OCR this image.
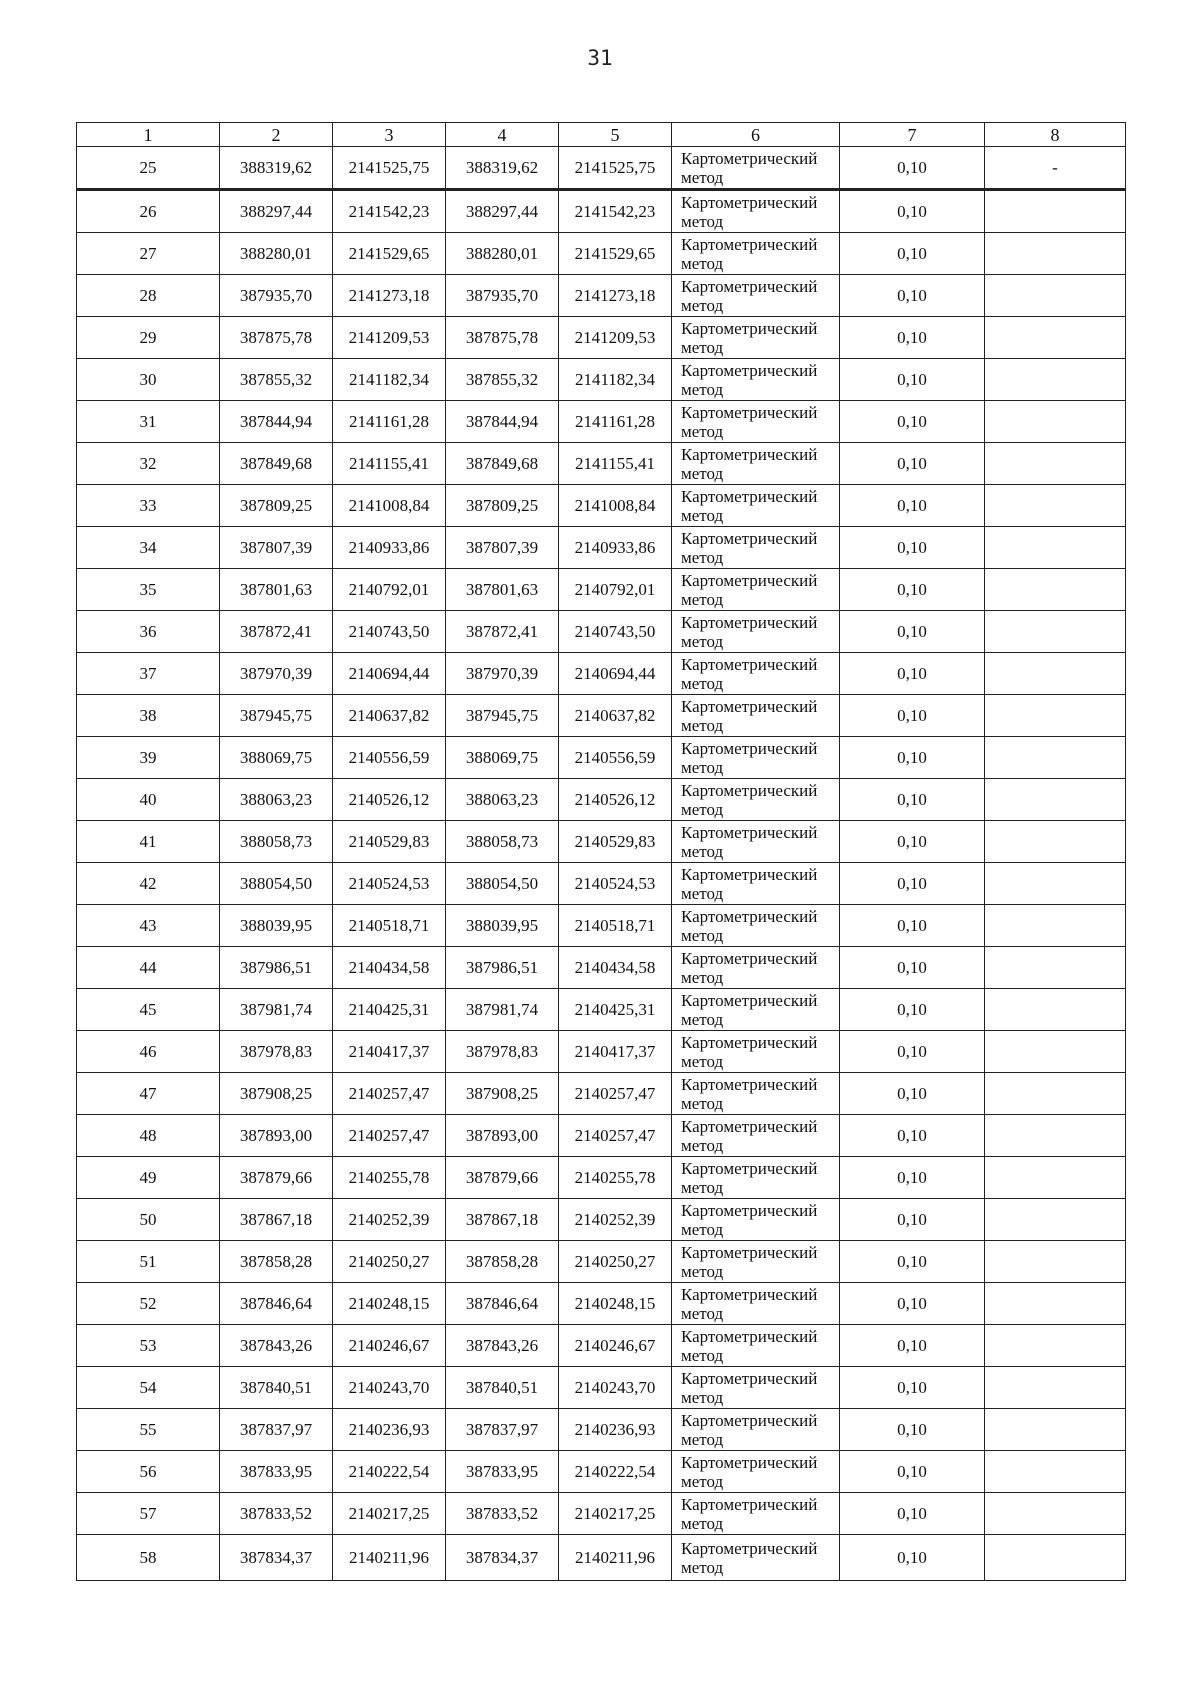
31
1	2	3	4	5	6	7	8
25	388319,62	2141525,75	388319,62	2141525,75	Картометрический
метод	0,10	-
26	388297,44	2141542,23	388297,44	2141542,23	Картометрический
метод	0,10	
27	388280,01	2141529,65	388280,01	2141529,65	Картометрический
метод	0,10	
28	387935,70	2141273,18	387935,70	2141273,18	Картометрический
метод	0,10	
29	387875,78	2141209,53	387875,78	2141209,53	Картометрический
метод	0,10	
30	387855,32	2141182,34	387855,32	2141182,34	Картометрический
метод	0,10	
31	387844,94	2141161,28	387844,94	2141161,28	Картометрический
метод	0,10	
32	387849,68	2141155,41	387849,68	2141155,41	Картометрический
метод	0,10	
33	387809,25	2141008,84	387809,25	2141008,84	Картометрический
метод	0,10	
34	387807,39	2140933,86	387807,39	2140933,86	Картометрический
метод	0,10	
35	387801,63	2140792,01	387801,63	2140792,01	Картометрический
метод	0,10	
36	387872,41	2140743,50	387872,41	2140743,50	Картометрический
метод	0,10	
37	387970,39	2140694,44	387970,39	2140694,44	Картометрический
метод	0,10	
38	387945,75	2140637,82	387945,75	2140637,82	Картометрический
метод	0,10	
39	388069,75	2140556,59	388069,75	2140556,59	Картометрический
метод	0,10	
40	388063,23	2140526,12	388063,23	2140526,12	Картометрический
метод	0,10	
41	388058,73	2140529,83	388058,73	2140529,83	Картометрический
метод	0,10	
42	388054,50	2140524,53	388054,50	2140524,53	Картометрический
метод	0,10	
43	388039,95	2140518,71	388039,95	2140518,71	Картометрический
метод	0,10	
44	387986,51	2140434,58	387986,51	2140434,58	Картометрический
метод	0,10	
45	387981,74	2140425,31	387981,74	2140425,31	Картометрический
метод	0,10	
46	387978,83	2140417,37	387978,83	2140417,37	Картометрический
метод	0,10	
47	387908,25	2140257,47	387908,25	2140257,47	Картометрический
метод	0,10	
48	387893,00	2140257,47	387893,00	2140257,47	Картометрический
метод	0,10	
49	387879,66	2140255,78	387879,66	2140255,78	Картометрический
метод	0,10	
50	387867,18	2140252,39	387867,18	2140252,39	Картометрический
метод	0,10	
51	387858,28	2140250,27	387858,28	2140250,27	Картометрический
метод	0,10	
52	387846,64	2140248,15	387846,64	2140248,15	Картометрический
метод	0,10	
53	387843,26	2140246,67	387843,26	2140246,67	Картометрический
метод	0,10	
54	387840,51	2140243,70	387840,51	2140243,70	Картометрический
метод	0,10	
55	387837,97	2140236,93	387837,97	2140236,93	Картометрический
метод	0,10	
56	387833,95	2140222,54	387833,95	2140222,54	Картометрический
метод	0,10	
57	387833,52	2140217,25	387833,52	2140217,25	Картометрический
метод	0,10	
58	387834,37	2140211,96	387834,37	2140211,96	Картометрический
метод	0,10	
